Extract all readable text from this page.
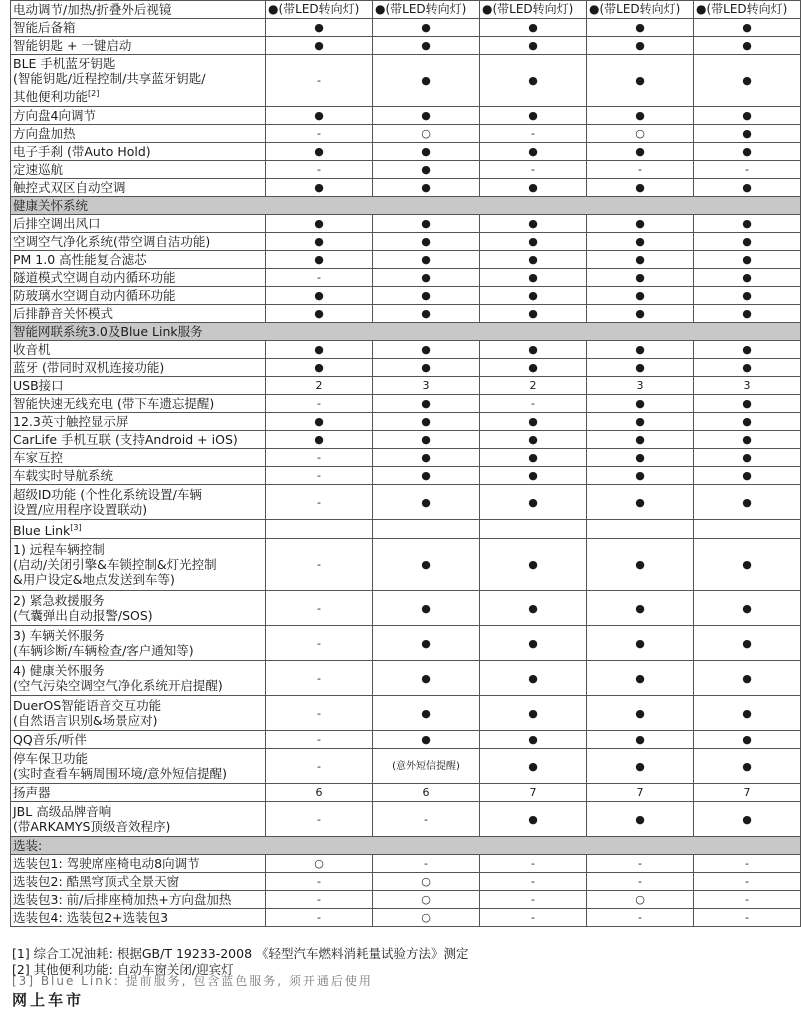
电动调节/加热/折叠外后视镜	●(带LED转向灯)	●(带LED转向灯)	●(带LED转向灯)	●(带LED转向灯)	●(带LED转向灯)
智能后备箱	●	●	●	●	●
智能钥匙 + 一键启动	●	●	●	●	●
BLE 手机蓝牙钥匙
(智能钥匙/近程控制/共享蓝牙钥匙/
其他便利功能[2]	-	●	●	●	●
方向盘4向调节	●	●	●	●	●
方向盘加热	-	○	-	○	●
电子手刹 (带Auto Hold)	●	●	●	●	●
定速巡航	-	●	-	-	-
触控式双区自动空调	●	●	●	●	●
健康关怀系统					
后排空调出风口	●	●	●	●	●
空调空气净化系统(带空调自洁功能)	●	●	●	●	●
PM 1.0 高性能复合滤芯	●	●	●	●	●
隧道模式空调自动内循环功能	-	●	●	●	●
防玻璃水空调自动内循环功能	●	●	●	●	●
后排静音关怀模式	●	●	●	●	●
智能网联系统3.0及Blue Link服务					
收音机	●	●	●	●	●
蓝牙 (带同时双机连接功能)	●	●	●	●	●
USB接口	2	3	2	3	3
智能快速无线充电 (带下车遗忘提醒)	-	●	-	●	●
12.3英寸触控显示屏	●	●	●	●	●
CarLife 手机互联 (支持Android + iOS)	●	●	●	●	●
车家互控	-	●	●	●	●
车载实时导航系统	-	●	●	●	●
超级ID功能 (个性化系统设置/车辆
设置/应用程序设置联动)	-	●	●	●	●
Blue Link[3]					
1) 远程车辆控制
(启动/关闭引擎&车锁控制&灯光控制
&用户设定&地点发送到车等)	-	●	●	●	●
2) 紧急救援服务
(气囊弹出自动报警/SOS)	-	●	●	●	●
3) 车辆关怀服务
(车辆诊断/车辆检查/客户通知等)	-	●	●	●	●
4) 健康关怀服务
(空气污染空调空气净化系统开启提醒)	-	●	●	●	●
DuerOS智能语音交互功能
(自然语言识别&场景应对)	-	●	●	●	●
QQ音乐/听伴	-	●	●	●	●
停车保卫功能
(实时查看车辆周围环境/意外短信提醒)	-	(意外短信提醒)	●	●	●
扬声器	6	6	7	7	7
JBL 高级品牌音响
(带ARKAMYS顶级音效程序)	-	-	●	●	●
选装:					
选装包1: 驾驶席座椅电动8向调节	○	-	-	-	-
选装包2: 酷黑穹顶式全景天窗	-	○	-	-	-
选装包3: 前/后排座椅加热+方向盘加热	-	○	-	○	-
选装包4: 选装包2+选装包3	-	○	-	-	-
[1] 综合工况油耗: 根据GB/T 19233-2008 《轻型汽车燃料消耗量试验方法》测定
[2] 其他便利功能: 自动车窗关闭/迎宾灯
[3] Blue Link: 提前服务, 包含蓝色服务, 须开通后使用
网上车市
